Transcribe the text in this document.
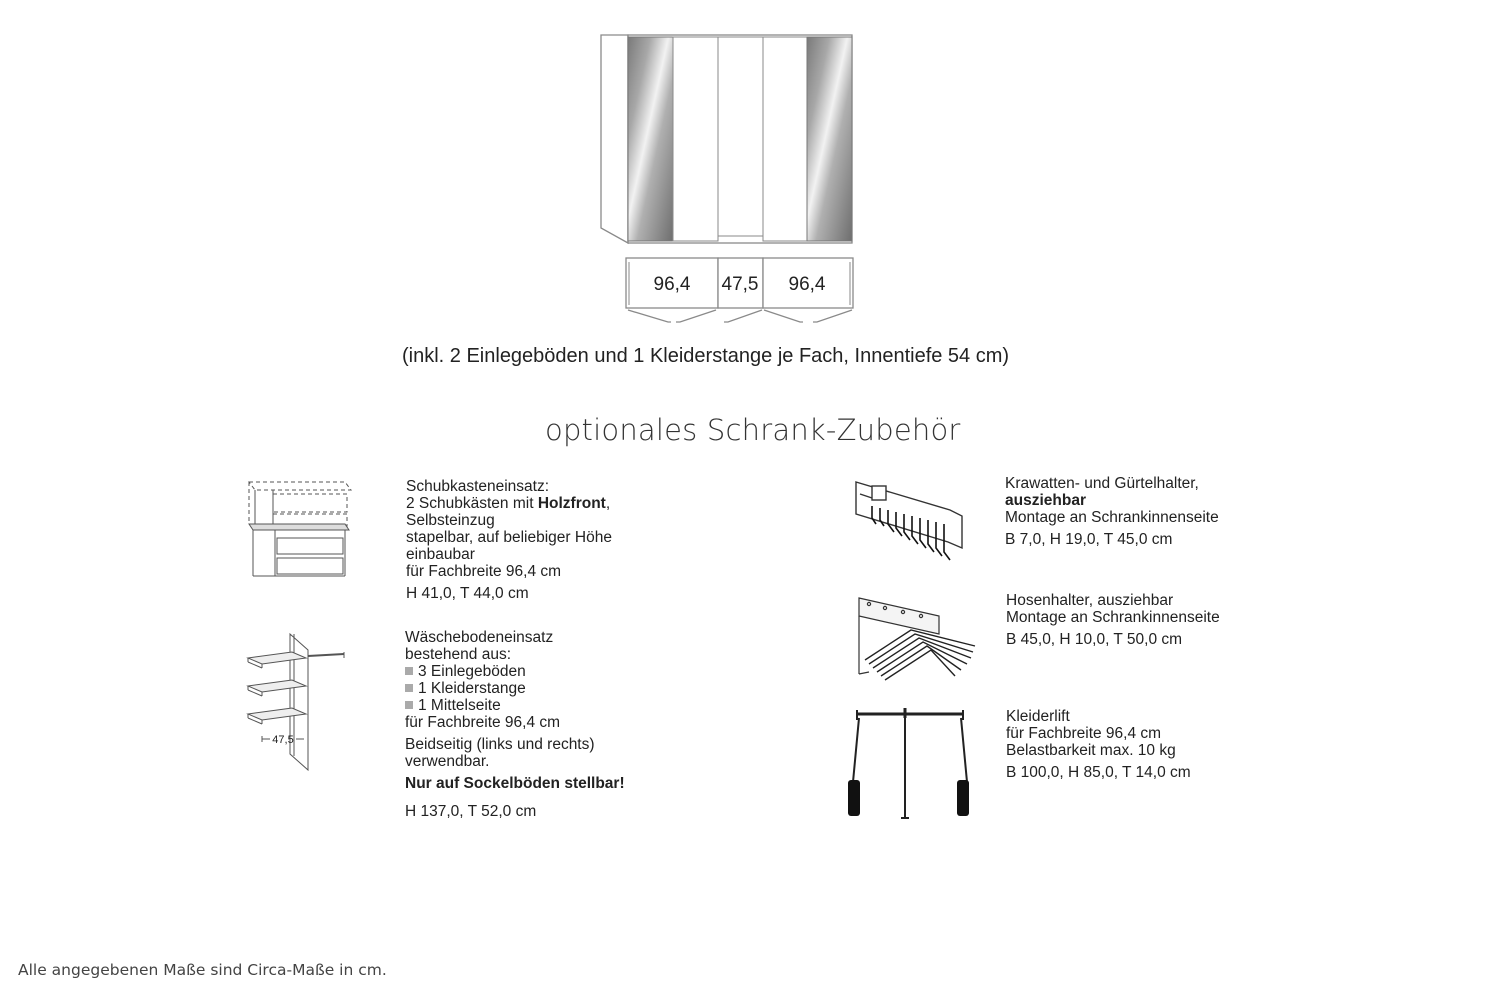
96,4 47,5 96,4
(inkl. 2 Einlegeböden und 1 Kleiderstange je Fach, Innentiefe 54 cm)
optionales Schrank-Zubehör
Schubkasteneinsatz:
2 Schubkästen mit Holzfront,
Selbsteinzug
stapelbar, auf beliebiger Höhe
einbaubar
für Fachbreite 96,4 cm
H 41,0, T 44,0 cm
47,5
Wäschebodeneinsatz
bestehend aus:
3 Einlegeböden
1 Kleiderstange
1 Mittelseite
für Fachbreite 96,4 cm
Beidseitig (links und rechts)
verwendbar.
Nur auf Sockelböden stellbar!
H 137,0, T 52,0 cm
Krawatten- und Gürtelhalter,
ausziehbar
Montage an Schrankinnenseite
B 7,0, H 19,0, T 45,0 cm
Hosenhalter, ausziehbar
Montage an Schrankinnenseite
B 45,0, H 10,0, T 50,0 cm
Kleiderlift
für Fachbreite 96,4 cm
Belastbarkeit max. 10 kg
B 100,0, H 85,0, T 14,0 cm
Alle angegebenen Maße sind Circa-Maße in cm.
